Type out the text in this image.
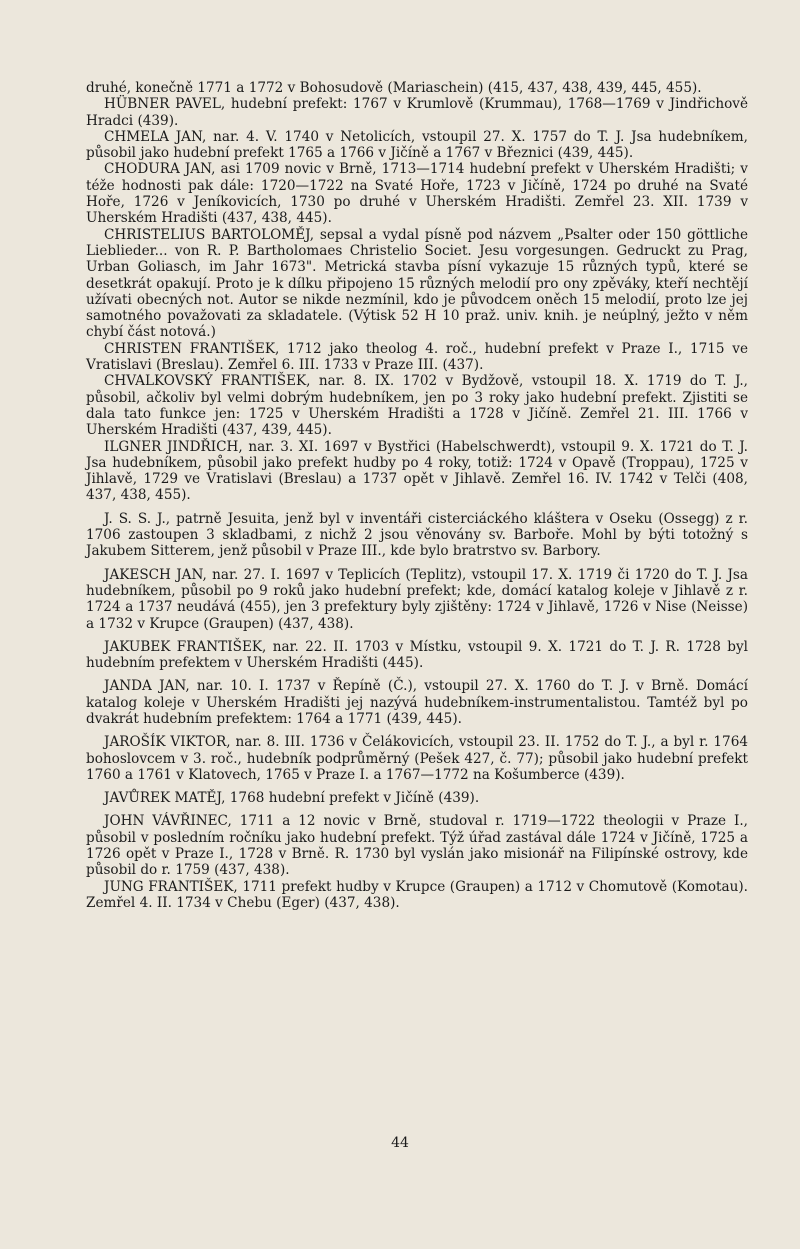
druhé, konečně 1771 a 1772 v Bohosudově (Mariaschein) (415, 437, 438, 439, 445, 455).

HÜBNER PAVEL, hudební prefekt: 1767 v Krumlově (Krummau), 1768—1769 v Jindřichově Hradci (439).

CHMELA JAN, nar. 4. V. 1740 v Netolicích, vstoupil 27. X. 1757 do T. J. Jsa hudebníkem, působil jako hudební prefekt 1765 a 1766 v Jičíně a 1767 v Březnici (439, 445).

CHODURA JAN, asi 1709 novic v Brně, 1713—1714 hudební prefekt v Uherském Hradišti; v téže hodnosti pak dále: 1720—1722 na Svaté Hoře, 1723 v Jičíně, 1724 po druhé na Svaté Hoře, 1726 v Jeníkovicích, 1730 po druhé v Uherském Hradišti. Zemřel 23. XII. 1739 v Uherském Hradišti (437, 438, 445).

CHRISTELIUS BARTOLOMĚJ, sepsal a vydal písně pod názvem „Psalter oder 150 göttliche Lieblieder... von R. P. Bartholomaes Christelio Societ. Jesu vorgesungen. Gedruckt zu Prag, Urban Goliasch, im Jahr 1673". Metrická stavba písní vykazuje 15 různých typů, které se desetkrát opakují. Proto je k dílku připojeno 15 různých melodií pro ony zpěváky, kteří nechtějí užívati obecných not. Autor se nikde nezmínil, kdo je původcem oněch 15 melodií, proto lze jej samotného považovati za skladatele. (Výtisk 52 H 10 praž. univ. knih. je neúplný, ježto v něm chybí část notová.)

CHRISTEN FRANTIŠEK, 1712 jako theolog 4. roč., hudební prefekt v Praze I., 1715 ve Vratislavi (Breslau). Zemřel 6. III. 1733 v Praze III. (437).

CHVALKOVSKÝ FRANTIŠEK, nar. 8. IX. 1702 v Bydžově, vstoupil 18. X. 1719 do T. J., působil, ačkoliv byl velmi dobrým hudebníkem, jen po 3 roky jako hudební prefekt. Zjistiti se dala tato funkce jen: 1725 v Uherském Hradišti a 1728 v Jičíně. Zemřel 21. III. 1766 v Uherském Hradišti (437, 439, 445).

ILGNER JINDŘICH, nar. 3. XI. 1697 v Bystřici (Habelschwerdt), vstoupil 9. X. 1721 do T. J. Jsa hudebníkem, působil jako prefekt hudby po 4 roky, totiž: 1724 v Opavě (Troppau), 1725 v Jihlavě, 1729 ve Vratislavi (Breslau) a 1737 opět v Jihlavě. Zemřel 16. IV. 1742 v Telči (408, 437, 438, 455).

J. S. S. J., patrně Jesuita, jenž byl v inventáři cisterciáckého kláštera v Oseku (Ossegg) z r. 1706 zastoupen 3 skladbami, z nichž 2 jsou věnovány sv. Barboře. Mohl by býti totožný s Jakubem Sitterem, jenž působil v Praze III., kde bylo bratrstvo sv. Barbory.

JAKESCH JAN, nar. 27. I. 1697 v Teplicích (Teplitz), vstoupil 17. X. 1719 či 1720 do T. J. Jsa hudebníkem, působil po 9 roků jako hudební prefekt; kde, domácí katalog koleje v Jihlavě z r. 1724 a 1737 neudává (455), jen 3 prefektury byly zjištěny: 1724 v Jihlavě, 1726 v Nise (Neisse) a 1732 v Krupce (Graupen) (437, 438).

JAKUBEK FRANTIŠEK, nar. 22. II. 1703 v Místku, vstoupil 9. X. 1721 do T. J. R. 1728 byl hudebním prefektem v Uherském Hradišti (445).

JANDA JAN, nar. 10. I. 1737 v Řepíně (Č.), vstoupil 27. X. 1760 do T. J. v Brně. Domácí katalog koleje v Uherském Hradišti jej nazývá hudebníkem-instrumentalistou. Tamtéž byl po dvakrát hudebním prefektem: 1764 a 1771 (439, 445).

JAROŠÍK VIKTOR, nar. 8. III. 1736 v Čelákovicích, vstoupil 23. II. 1752 do T. J., a byl r. 1764 bohoslovcem v 3. roč., hudebník podprůměrný (Pešek 427, č. 77); působil jako hudební prefekt 1760 a 1761 v Klatovech, 1765 v Praze I. a 1767—1772 na Košumberce (439).

JAVŮREK MATĚJ, 1768 hudební prefekt v Jičíně (439).

JOHN VÁVŘINEC, 1711 a 12 novic v Brně, studoval r. 1719—1722 theologii v Praze I., působil v posledním ročníku jako hudební prefekt. Týž úřad zastával dále 1724 v Jičíně, 1725 a 1726 opět v Praze I., 1728 v Brně. R. 1730 byl vyslán jako misionář na Filipínské ostrovy, kde působil do r. 1759 (437, 438).

JUNG FRANTIŠEK, 1711 prefekt hudby v Krupce (Graupen) a 1712 v Chomutově (Komotau). Zemřel 4. II. 1734 v Chebu (Eger) (437, 438).

44
